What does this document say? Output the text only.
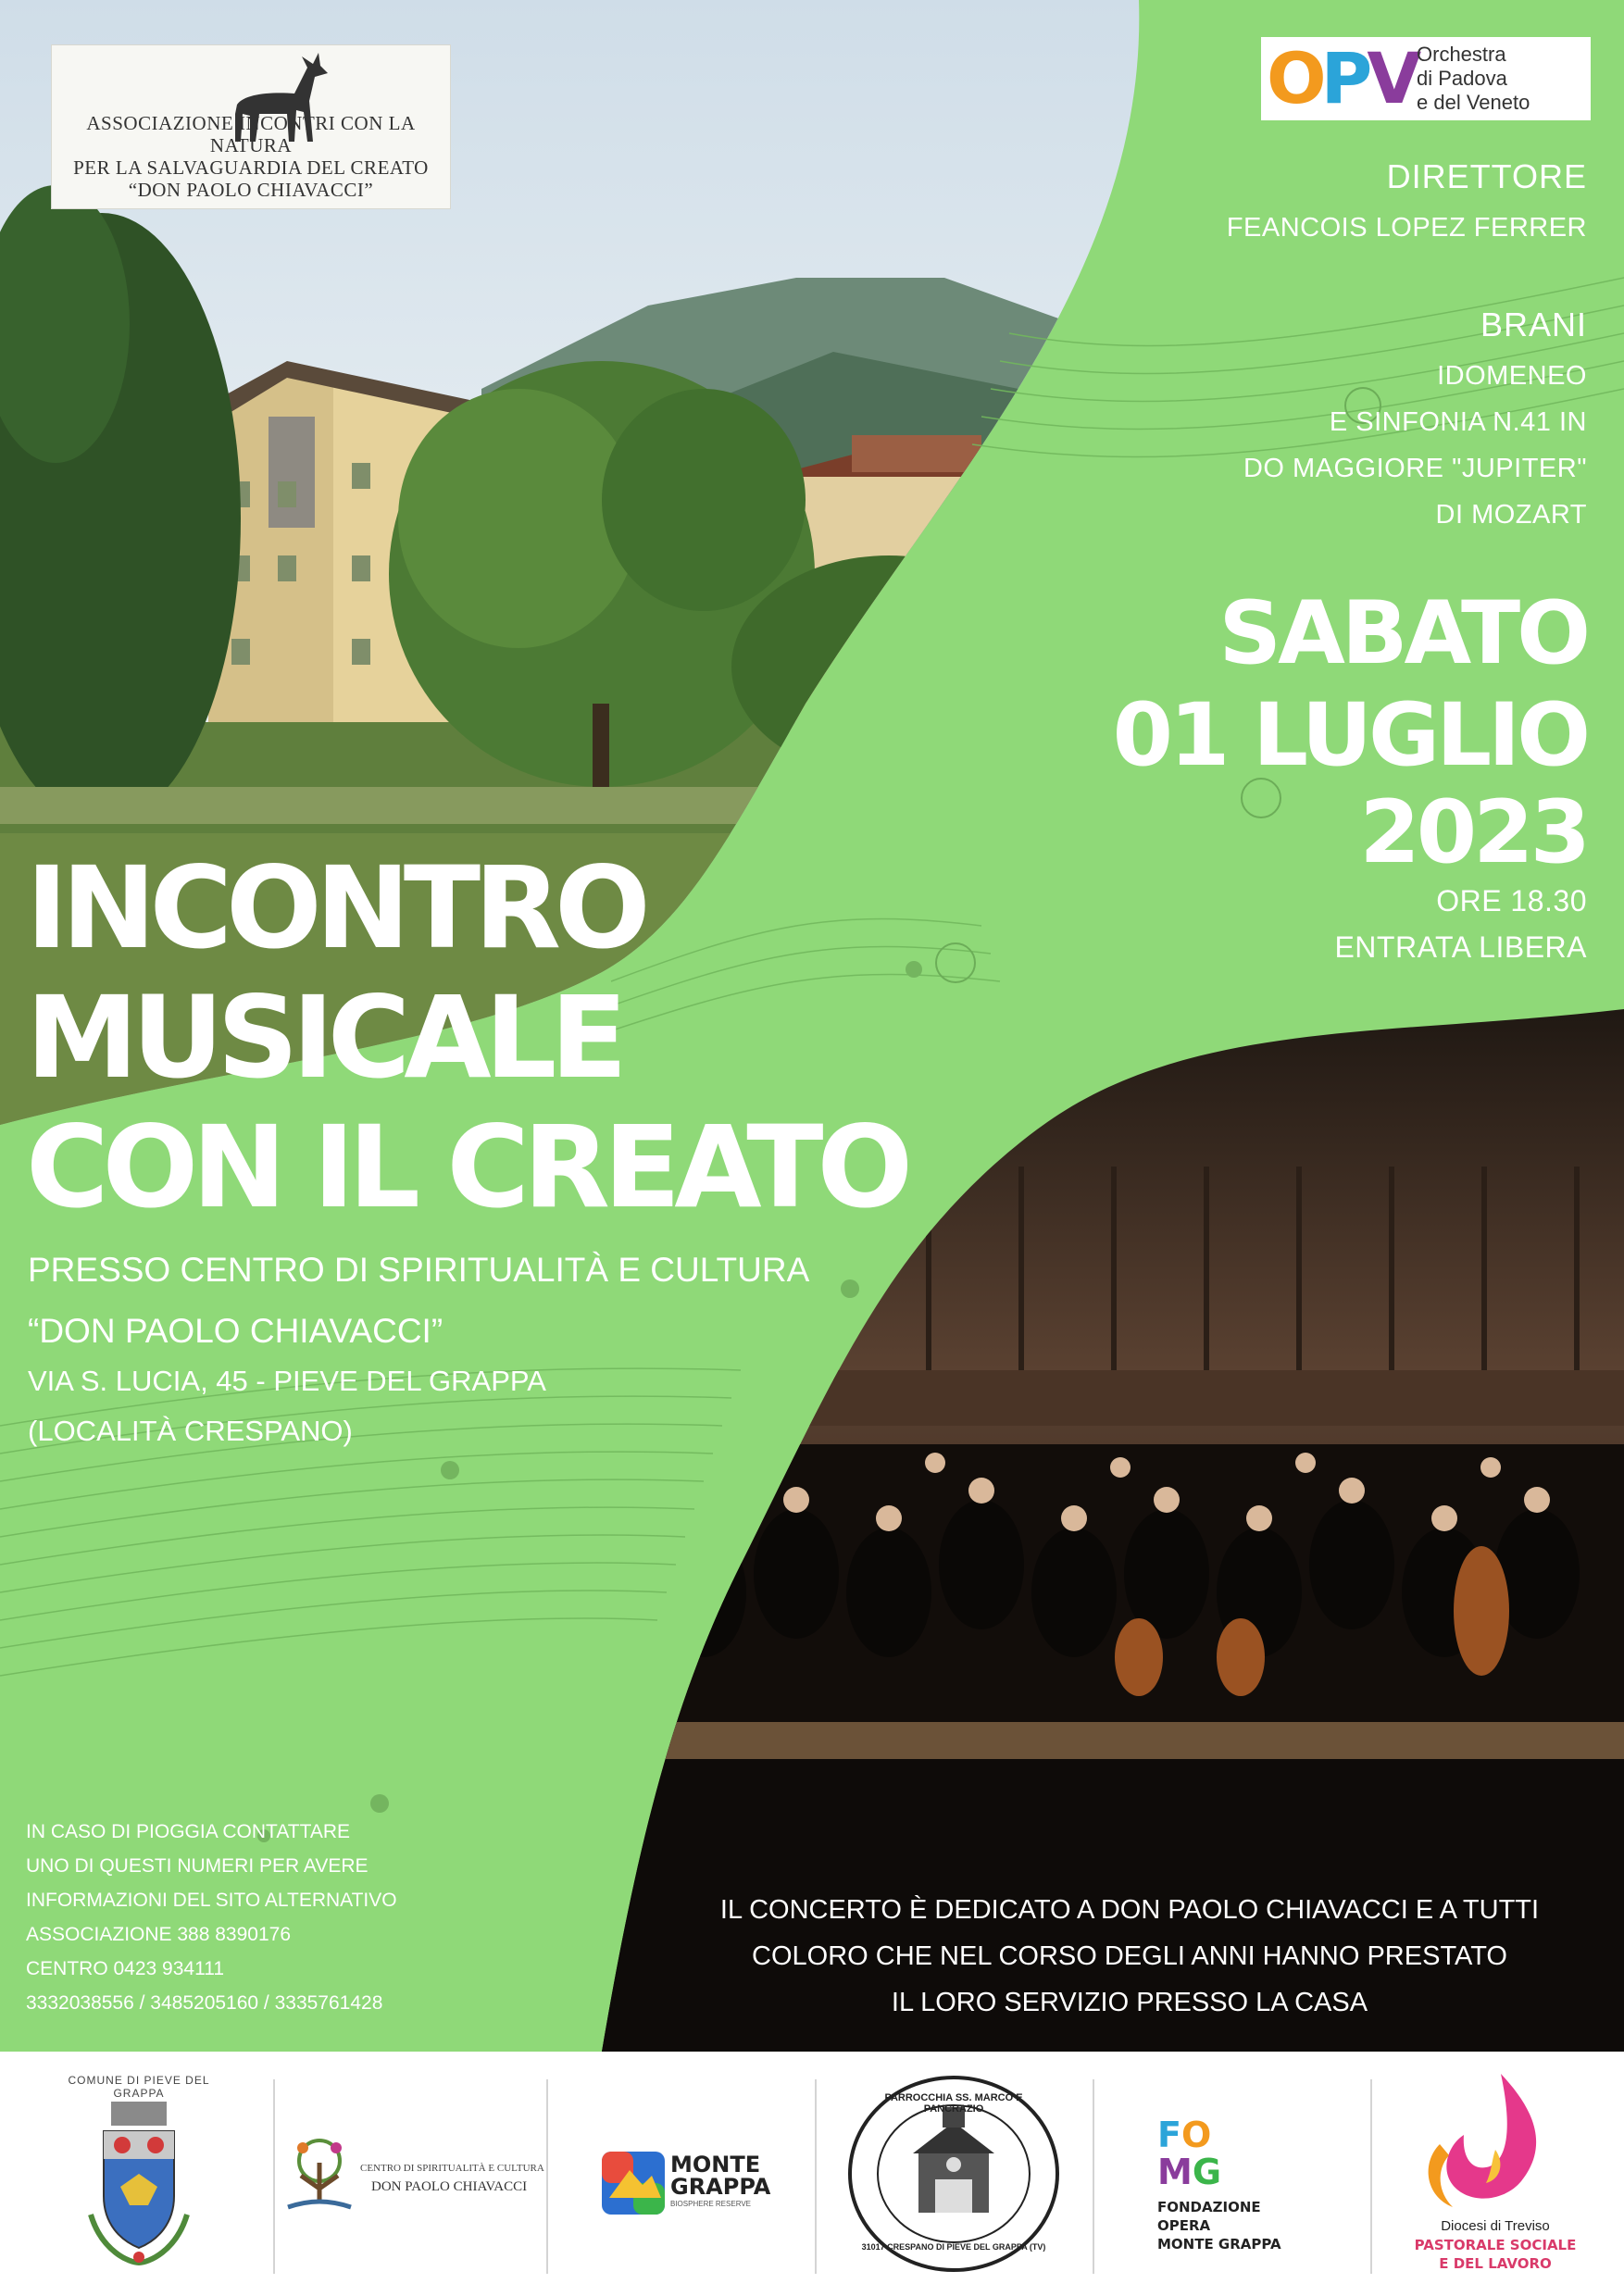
ASSOCIAZIONE INCONTRI CON LA NATURA
PER LA SALVAGUARDIA DEL CREATO
“DON PAOLO CHIAVACCI”
OPV Orchestra
di Padova
e del Veneto
DIRETTORE
FEANCOIS LOPEZ FERRER
BRANI
IDOMENEO
E SINFONIA N.41 IN
DO MAGGIORE "JUPITER"
DI MOZART
SABATO
01 LUGLIO
2023
ORE 18.30
ENTRATA LIBERA
INCONTRO
MUSICALE
CON IL CREATO
PRESSO CENTRO DI SPIRITUALITÀ E CULTURA
“DON PAOLO CHIAVACCI”
VIA S. LUCIA, 45 - PIEVE DEL GRAPPA
(LOCALITÀ CRESPANO)
IN CASO DI PIOGGIA CONTATTARE
UNO DI QUESTI NUMERI PER AVERE
INFORMAZIONI DEL SITO ALTERNATIVO
ASSOCIAZIONE 388 8390176
CENTRO 0423 934111
3332038556 / 3485205160 / 3335761428
IL CONCERTO È DEDICATO A DON PAOLO CHIAVACCI E A TUTTI
COLORO CHE NEL CORSO DEGLI ANNI HANNO PRESTATO
IL LORO SERVIZIO PRESSO LA CASA
COMUNE DI PIEVE DEL GRAPPA
CENTRO DI SPIRITUALITÀ E CULTURA
DON PAOLO CHIAVACCI
MONTE
GRAPPA
BIOSPHERE RESERVE
PARROCCHIA SS. MARCO E PANCRAZIO
31017 CRESPANO DI PIEVE DEL GRAPPA (TV)
FO
MG
FONDAZIONE
OPERA
MONTE GRAPPA
Diocesi di Treviso
PASTORALE SOCIALE
E DEL LAVORO
